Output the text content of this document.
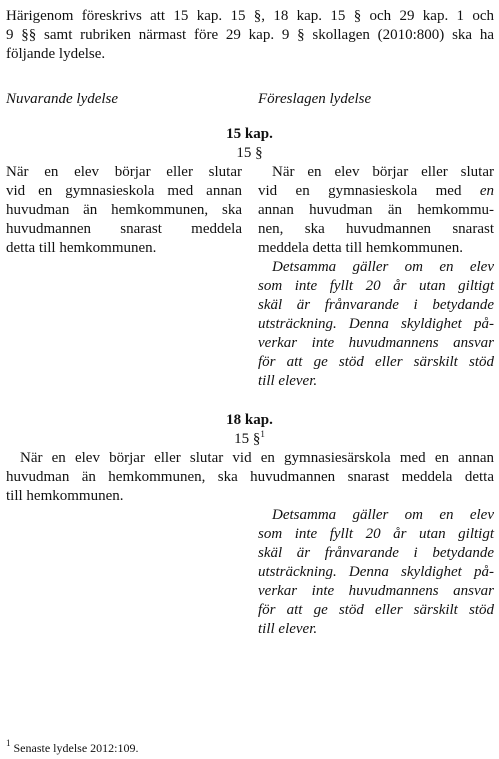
Härigenom föreskrivs att 15 kap. 15 §, 18 kap. 15 § och 29 kap. 1 och
9 §§ samt rubriken närmast före 29 kap. 9 § skollagen (2010:800) ska ha
följande lydelse.
Nuvarande lydelse	Föreslagen lydelse
15 kap.
15 §
När en elev börjar eller slutar
vid en gymnasieskola med annan
huvudman än hemkommunen, ska
huvudmannen snarast meddela
detta till hemkommunen.
När en elev börjar eller slutar
vid en gymnasieskola med en
annan huvudman än hemkommu-
nen, ska huvudmannen snarast
meddela detta till hemkommunen.
Detsamma gäller om en elev
som inte fyllt 20 år utan giltigt
skäl är frånvarande i betydande
utsträckning. Denna skyldighet på-
verkar inte huvudmannens ansvar
för att ge stöd eller särskilt stöd
till elever.
18 kap.
15 §$^1$
När en elev börjar eller slutar vid en gymnasiesärskola med en annan
huvudman än hemkommunen, ska huvudmannen snarast meddela detta
till hemkommunen.
Detsamma gäller om en elev
som inte fyllt 20 år utan giltigt
skäl är frånvarande i betydande
utsträckning. Denna skyldighet på-
verkar inte huvudmannens ansvar
för att ge stöd eller särskilt stöd
till elever.
$^1$ Senaste lydelse 2012:109.
